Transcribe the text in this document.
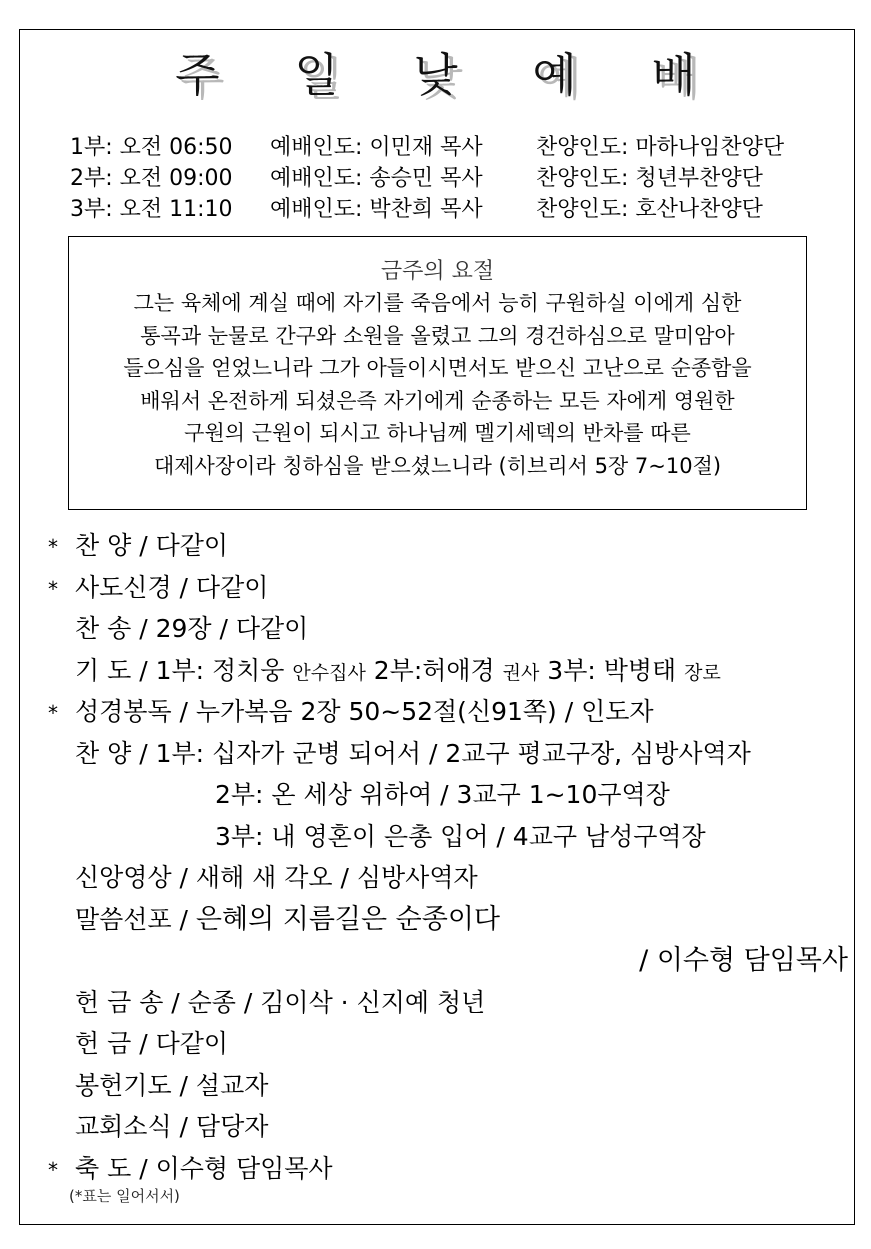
주 일 낮 예 배
1부: 오전 06:50	예배인도: 이민재 목사	찬양인도: 마하나임찬양단
2부: 오전 09:00	예배인도: 송승민 목사	찬양인도: 청년부찬양단
3부: 오전 11:10	예배인도: 박찬희 목사	찬양인도: 호산나찬양단
금주의 요절
그는 육체에 계실 때에 자기를 죽음에서 능히 구원하실 이에게 심한
통곡과 눈물로 간구와 소원을 올렸고 그의 경건하심으로 말미암아
들으심을 얻었느니라 그가 아들이시면서도 받으신 고난으로 순종함을
배워서 온전하게 되셨은즉 자기에게 순종하는 모든 자에게 영원한
구원의 근원이 되시고 하나님께 멜기세덱의 반차를 따른
대제사장이라 칭하심을 받으셨느니라 (히브리서 5장 7~10절)
* 찬 양 / 다같이
* 사도신경 / 다같이
찬 송 / 29장 / 다같이
기 도 / 1부: 정치웅 안수집사 2부:허애경 권사 3부: 박병태 장로
* 성경봉독 / 누가복음 2장 50~52절(신91쪽) / 인도자
찬 양 / 1부: 십자가 군병 되어서 / 2교구 평교구장, 심방사역자
2부: 온 세상 위하여 / 3교구 1~10구역장
3부: 내 영혼이 은총 입어 / 4교구 남성구역장
신앙영상 / 새해 새 각오 / 심방사역자
말씀선포 / 은혜의 지름길은 순종이다
/ 이수형 담임목사
헌 금 송 / 순종 / 김이삭 · 신지예 청년
헌 금 / 다같이
봉헌기도 / 설교자
교회소식 / 담당자
* 축 도 / 이수형 담임목사
(*표는 일어서서)
